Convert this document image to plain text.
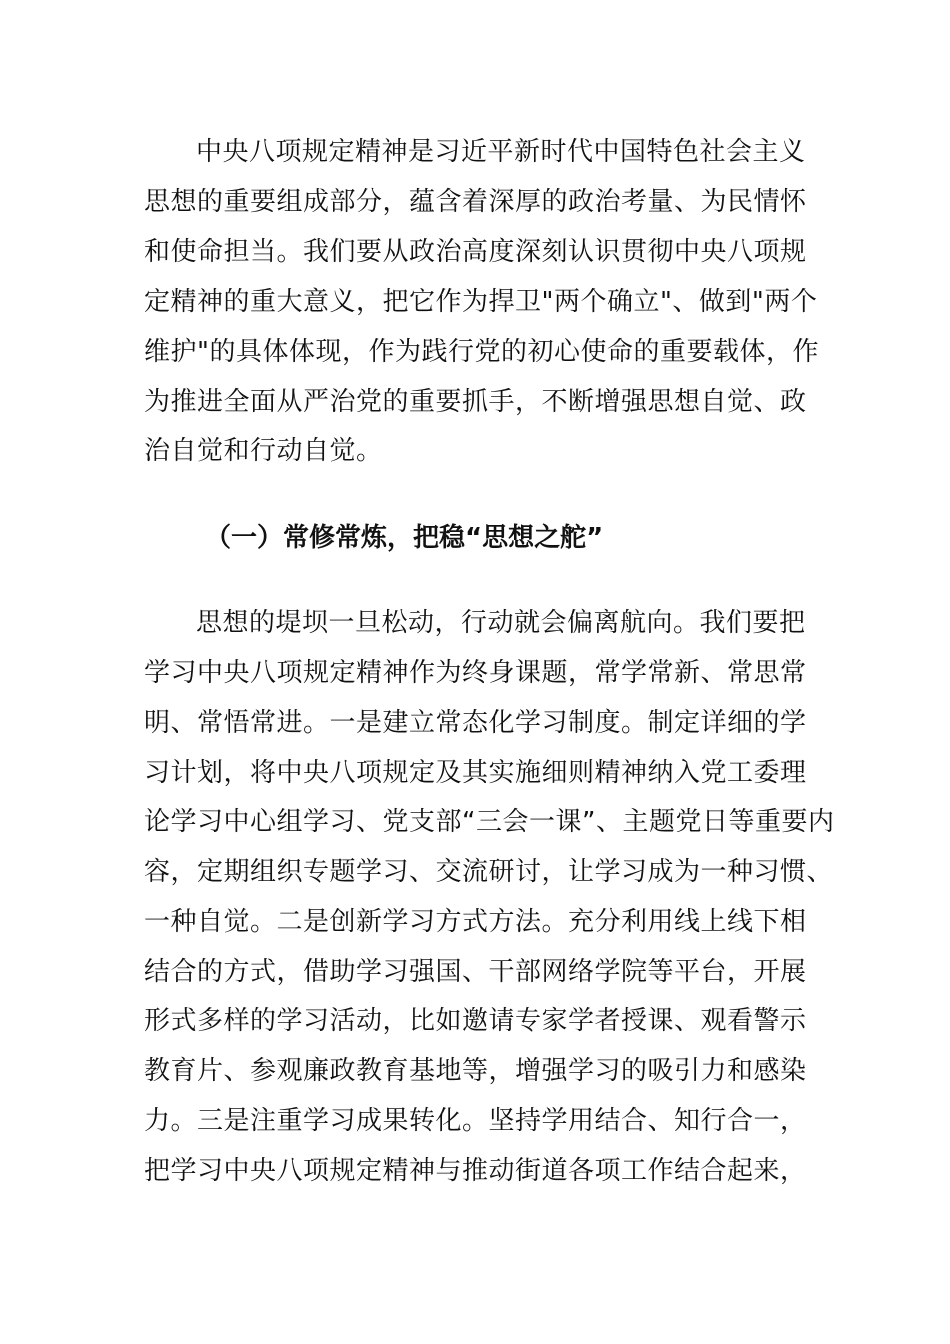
中央八项规定精神是习近平新时代中国特色社会主义
思想的重要组成部分，蕴含着深厚的政治考量、为民情怀
和使命担当。我们要从政治高度深刻认识贯彻中央八项规
定精神的重大意义，把它作为捍卫"两个确立"、做到"两个
维护"的具体体现，作为践行党的初心使命的重要载体，作
为推进全面从严治党的重要抓手，不断增强思想自觉、政
治自觉和行动自觉。
（一）常修常炼，把稳“思想之舵”
思想的堤坝一旦松动，行动就会偏离航向。我们要把
学习中央八项规定精神作为终身课题，常学常新、常思常
明、常悟常进。一是建立常态化学习制度。制定详细的学
习计划，将中央八项规定及其实施细则精神纳入党工委理
论学习中心组学习、党支部“三会一课”、主题党日等重要内
容，定期组织专题学习、交流研讨，让学习成为一种习惯、
一种自觉。二是创新学习方式方法。充分利用线上线下相
结合的方式，借助学习强国、干部网络学院等平台，开展
形式多样的学习活动，比如邀请专家学者授课、观看警示
教育片、参观廉政教育基地等，增强学习的吸引力和感染
力。三是注重学习成果转化。坚持学用结合、知行合一，
把学习中央八项规定精神与推动街道各项工作结合起来，
